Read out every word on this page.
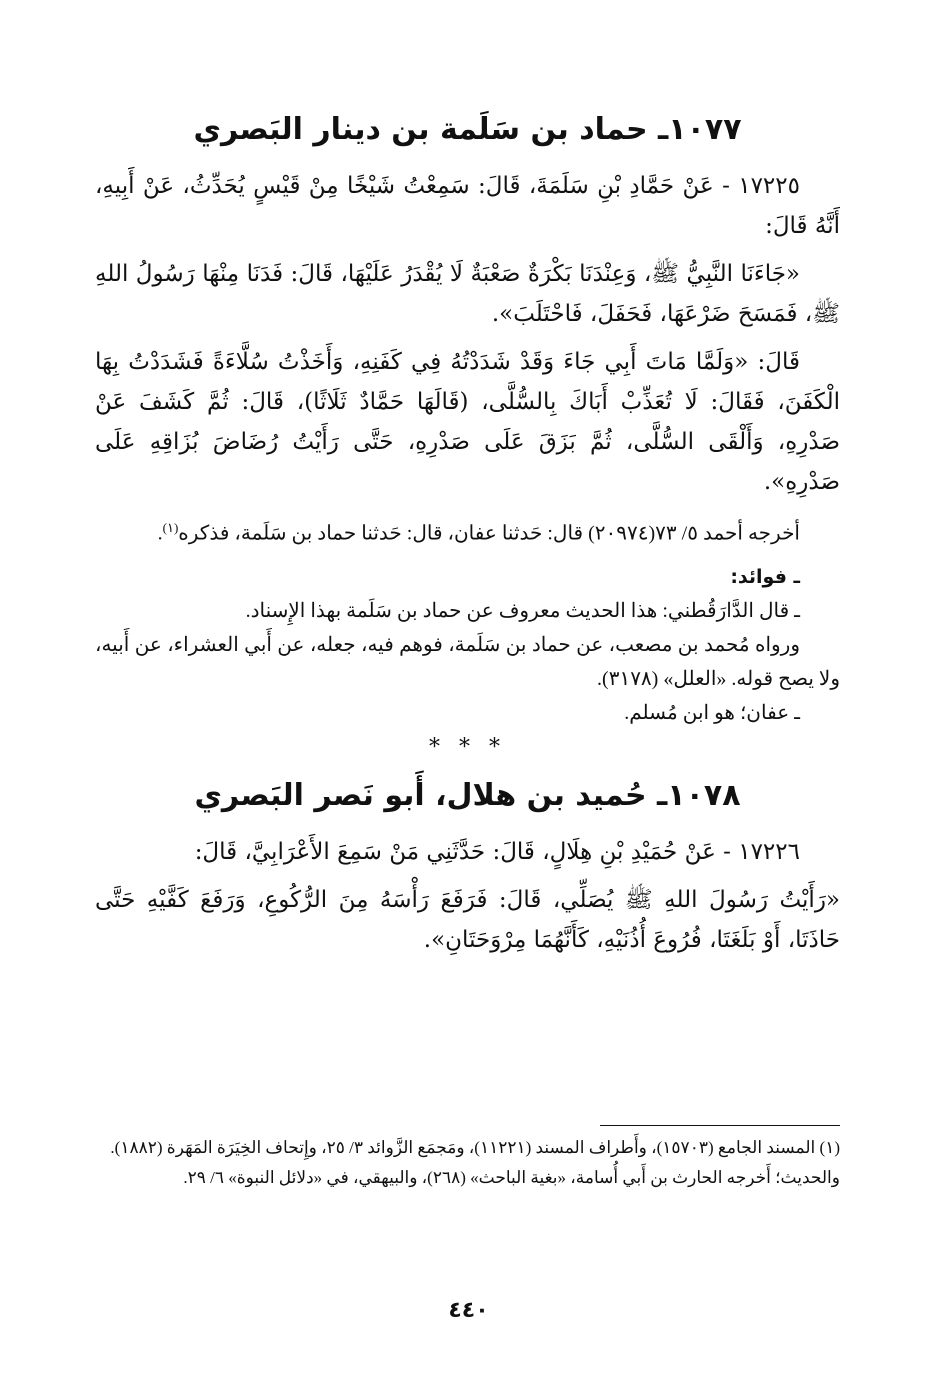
١٠٧٧ـ حماد بن سَلَمة بن دينار البَصري

١٧٢٢٥ - عَنْ حَمَّادِ بْنِ سَلَمَةَ، قَالَ: سَمِعْتُ شَيْخًا مِنْ قَيْسٍ يُحَدِّثُ، عَنْ أَبِيهِ، أَنَّهُ قَالَ:

«جَاءَنَا النَّبِيُّ ﷺ، وَعِنْدَنَا بَكْرَةٌ صَعْبَةٌ لَا يُقْدَرُ عَلَيْهَا، قَالَ: فَدَنَا مِنْهَا رَسُولُ اللهِ ﷺ، فَمَسَحَ ضَرْعَهَا، فَحَفَلَ، فَاحْتَلَبَ».

قَالَ: «وَلَمَّا مَاتَ أَبِي جَاءَ وَقَدْ شَدَدْتُهُ فِي كَفَنِهِ، وَأَخَذْتُ سُلَّاءَةً فَشَدَدْتُ بِهَا الْكَفَنَ، فَقَالَ: لَا تُعَذِّبْ أَبَاكَ بِالسُّلَّى، (قَالَهَا حَمَّادٌ ثَلَاثًا)، قَالَ: ثُمَّ كَشَفَ عَنْ صَدْرِهِ، وَأَلْقَى السُّلَّى، ثُمَّ بَزَقَ عَلَى صَدْرِهِ، حَتَّى رَأَيْتُ رُضَاضَ بُزَاقِهِ عَلَى صَدْرِهِ».

أخرجه أحمد ٥/ ٧٣(٢٠٩٧٤) قال: حَدثنا عفان، قال: حَدثنا حماد بن سَلَمة، فذكره$^{(١)}$.

ـ فوائد:

ـ قال الدَّارَقُطني: هذا الحديث معروف عن حماد بن سَلَمة بهذا الإِسناد.

ورواه مُحمد بن مصعب، عن حماد بن سَلَمة، فوهم فيه، جعله، عن أَبي العشراء، عن أَبيه، ولا يصح قوله. «العلل» (٣١٧٨).

ـ عفان؛ هو ابن مُسلم.

* * *

١٠٧٨ـ حُميد بن هلال، أَبو نَصر البَصري

١٧٢٢٦ - عَنْ حُمَيْدِ بْنِ هِلَالٍ، قَالَ: حَدَّثَنِي مَنْ سَمِعَ الأَعْرَابِيَّ، قَالَ:

«رَأَيْتُ رَسُولَ اللهِ ﷺ يُصَلِّي، قَالَ: فَرَفَعَ رَأْسَهُ مِنَ الرُّكُوعِ، وَرَفَعَ كَفَّيْهِ حَتَّى حَاذَتَا، أَوْ بَلَغَتَا، فُرُوعَ أُذُنَيْهِ، كَأَنَّهُمَا مِرْوَحَتَانِ».

(١) المسند الجامع (١٥٧٠٣)، وأَطراف المسند (١١٢٢١)، ومَجمَع الزَّوائد ٣/ ٢٥، وإِتحاف الخِيَرَة المَهَرة (١٨٨٢).

والحديث؛ أَخرجه الحارث بن أَبي أُسامة، «بغية الباحث» (٢٦٨)، والبيهقي، في «دلائل النبوة» ٦/ ٢٩.

٤٤٠
